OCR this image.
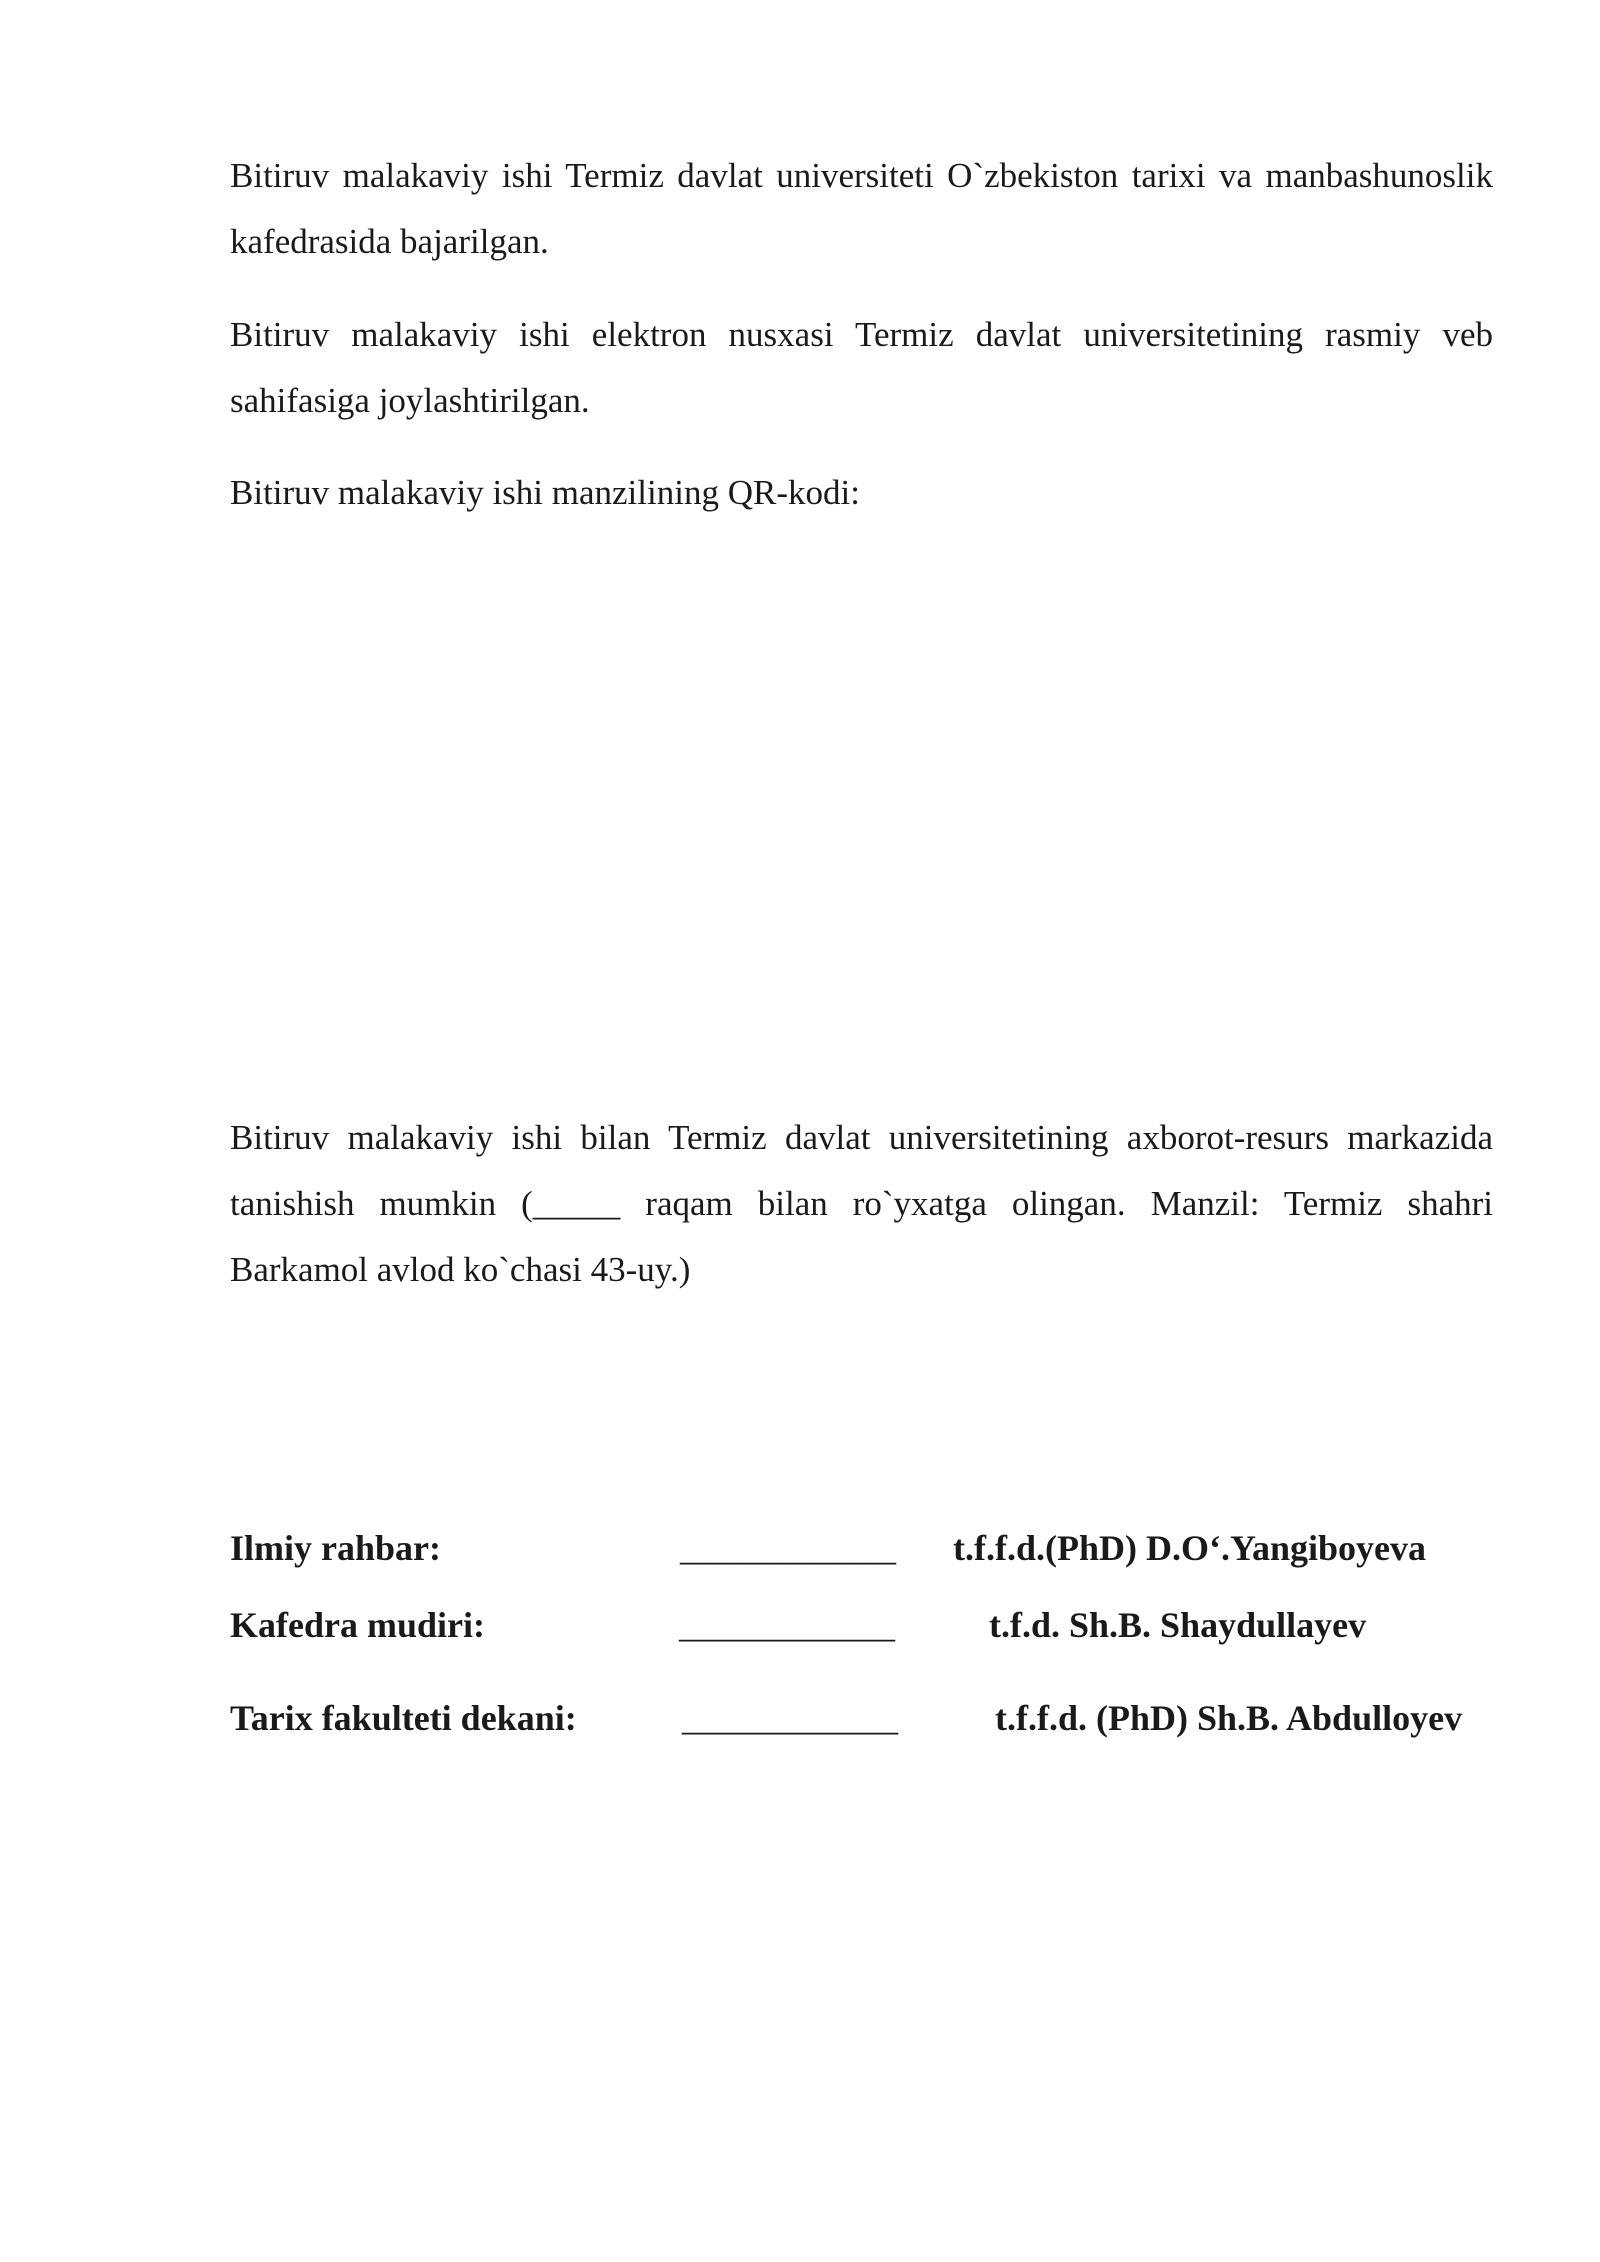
Bitiruv malakaviy ishi Termiz davlat universiteti O`zbekiston tarixi va manbashunoslik kafedrasida bajarilgan.

Bitiruv malakaviy ishi elektron nusxasi Termiz davlat universitetining rasmiy veb sahifasiga joylashtirilgan.

Bitiruv malakaviy ishi manzilining QR-kodi:

Bitiruv malakaviy ishi bilan Termiz davlat universitetining axborot-resurs markazida tanishish mumkin (_____ raqam bilan ro`yxatga olingan. Manzil: Termiz shahri Barkamol avlod ko`chasi 43-uy.)

Ilmiy rahbar:	____________ t.f.f.d.(PhD) D.O‘.Yangiboyeva
Kafedra mudiri:	____________	t.f.d. Sh.B. Shaydullayev
Tarix fakulteti dekani:	____________	t.f.f.d. (PhD) Sh.B. Abdulloyev
